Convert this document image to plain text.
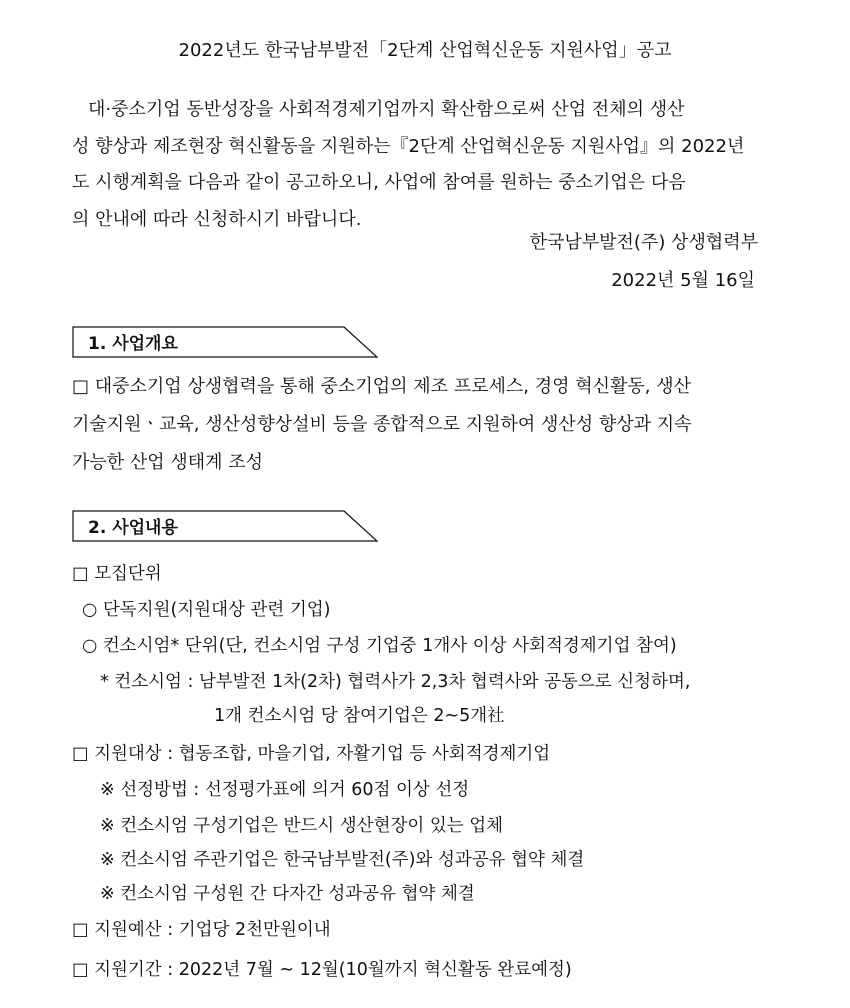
2022년도 한국남부발전「2단계 산업혁신운동 지원사업」공고
대·중소기업 동반성장을 사회적경제기업까지 확산함으로써 산업 전체의 생산
성 향상과 제조현장 혁신활동을 지원하는『2단계 산업혁신운동 지원사업』의 2022년
도 시행계획을 다음과 같이 공고하오니, 사업에 참여를 원하는 중소기업은 다음
의 안내에 따라 신청하시기 바랍니다.
한국남부발전(주) 상생협력부
2022년 5월 16일
1. 사업개요
□ 대중소기업 상생협력을 통해 중소기업의 제조 프로세스, 경영 혁신활동, 생산
기술지원ㆍ교육, 생산성향상설비 등을 종합적으로 지원하여 생산성 향상과 지속
가능한 산업 생태계 조성
2. 사업내용
□ 모집단위
○ 단독지원(지원대상 관련 기업)
○ 컨소시엄* 단위(단, 컨소시엄 구성 기업중 1개사 이상 사회적경제기업 참여)
* 컨소시엄 : 남부발전 1차(2차) 협력사가 2,3차 협력사와 공동으로 신청하며,
1개 컨소시엄 당 참여기업은 2~5개社
□ 지원대상 : 협동조합, 마을기업, 자활기업 등 사회적경제기업
※ 선정방법 : 선정평가표에 의거 60점 이상 선정
※ 컨소시엄 구성기업은 반드시 생산현장이 있는 업체
※ 컨소시엄 주관기업은 한국남부발전(주)와 성과공유 협약 체결
※ 컨소시엄 구성원 간 다자간 성과공유 협약 체결
□ 지원예산 : 기업당 2천만원이내
□ 지원기간 : 2022년 7월 ~ 12월(10월까지 혁신활동 완료예정)
